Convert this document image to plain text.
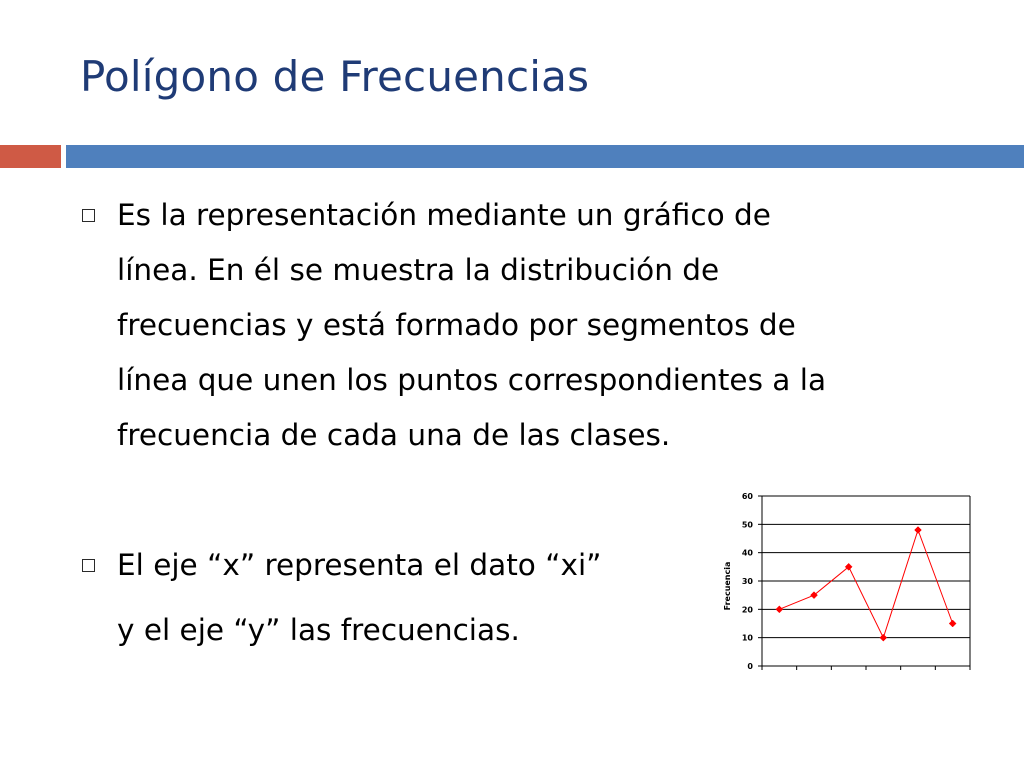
Polígono de Frecuencias
Es la representación mediante un gráfico de
línea. En él se muestra la distribución de
frecuencias y está formado por segmentos de
línea que unen los puntos correspondientes a la
frecuencia de cada una de las clases.
El eje “x” representa el dato “xi”
y el eje “y” las frecuencias.
0
10
20
30
40
50
60
Frecuencia
